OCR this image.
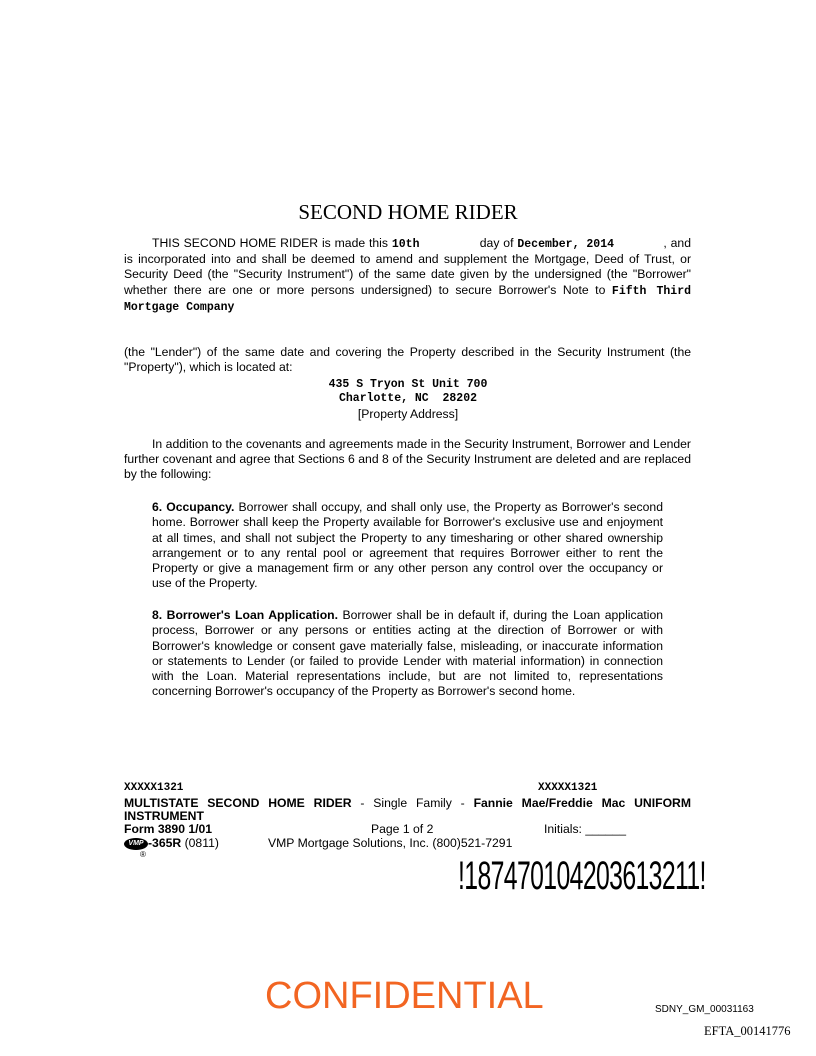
SECOND HOME RIDER
THIS SECOND HOME RIDER is made this 10th	day of December, 2014	, and is incorporated into and shall be deemed to amend and supplement the Mortgage, Deed of Trust, or Security Deed (the "Security Instrument") of the same date given by the undersigned (the "Borrower" whether there are one or more persons undersigned) to secure Borrower's Note to Fifth Third Mortgage Company
(the "Lender") of the same date and covering the Property described in the Security Instrument (the "Property"), which is located at:
435 S Tryon St Unit 700
Charlotte, NC  28202
[Property Address]
In addition to the covenants and agreements made in the Security Instrument, Borrower and Lender further covenant and agree that Sections 6 and 8 of the Security Instrument are deleted and are replaced by the following:
6. Occupancy. Borrower shall occupy, and shall only use, the Property as Borrower's second home. Borrower shall keep the Property available for Borrower's exclusive use and enjoyment at all times, and shall not subject the Property to any timesharing or other shared ownership arrangement or to any rental pool or agreement that requires Borrower either to rent the Property or give a management firm or any other person any control over the occupancy or use of the Property.
8. Borrower's Loan Application. Borrower shall be in default if, during the Loan application process, Borrower or any persons or entities acting at the direction of Borrower or with Borrower's knowledge or consent gave materially false, misleading, or inaccurate information or statements to Lender (or failed to provide Lender with material information) in connection with the Loan. Material representations include, but are not limited to, representations concerning Borrower's occupancy of the Property as Borrower's second home.
XXXXX1321	XXXXX1321
MULTISTATE SECOND HOME RIDER - Single Family - Fannie Mae/Freddie Mac UNIFORM INSTRUMENT
Form 3890 1/01	Page 1 of 2	Initials: ______
VMP -365R (0811)
®
VMP Mortgage Solutions, Inc. (800)521-7291
!187470104203613211!
CONFIDENTIAL	SDNY_GM_00031163
EFTA_00141776
